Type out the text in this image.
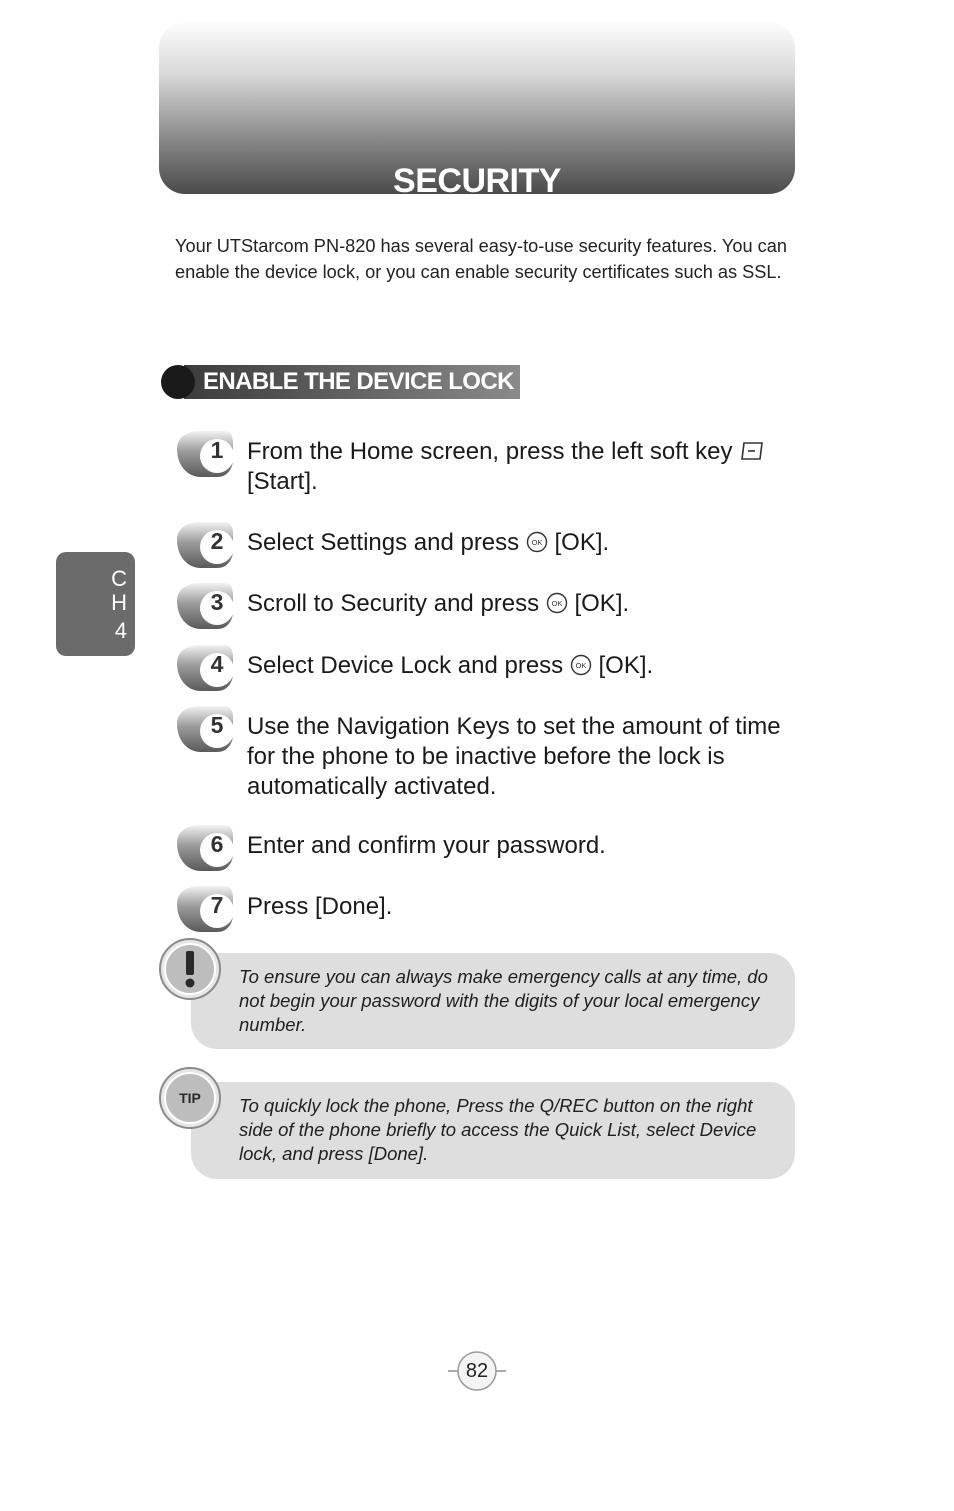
SECURITY
Your UTStarcom PN-820 has several easy-to-use security features. You can enable the device lock, or you can enable security certificates such as SSL.
ENABLE THE DEVICE LOCK
C
H
4
1 From the Home screen, press the left soft key
[Start].
2 Select Settings and press OK [OK].
3 Scroll to Security and press OK [OK].
4 Select Device Lock and press OK [OK].
5 Use the Navigation Keys to set the amount of time for the phone to be inactive before the lock is automatically activated.
6 Enter and confirm your password.
7 Press [Done].
To ensure you can always make emergency calls at any time, do not begin your password with the digits of your local emergency number.
To quickly lock the phone, Press the Q/REC button on the right side of the phone briefly to access the Quick List, select Device lock, and press [Done].
TIP
82
